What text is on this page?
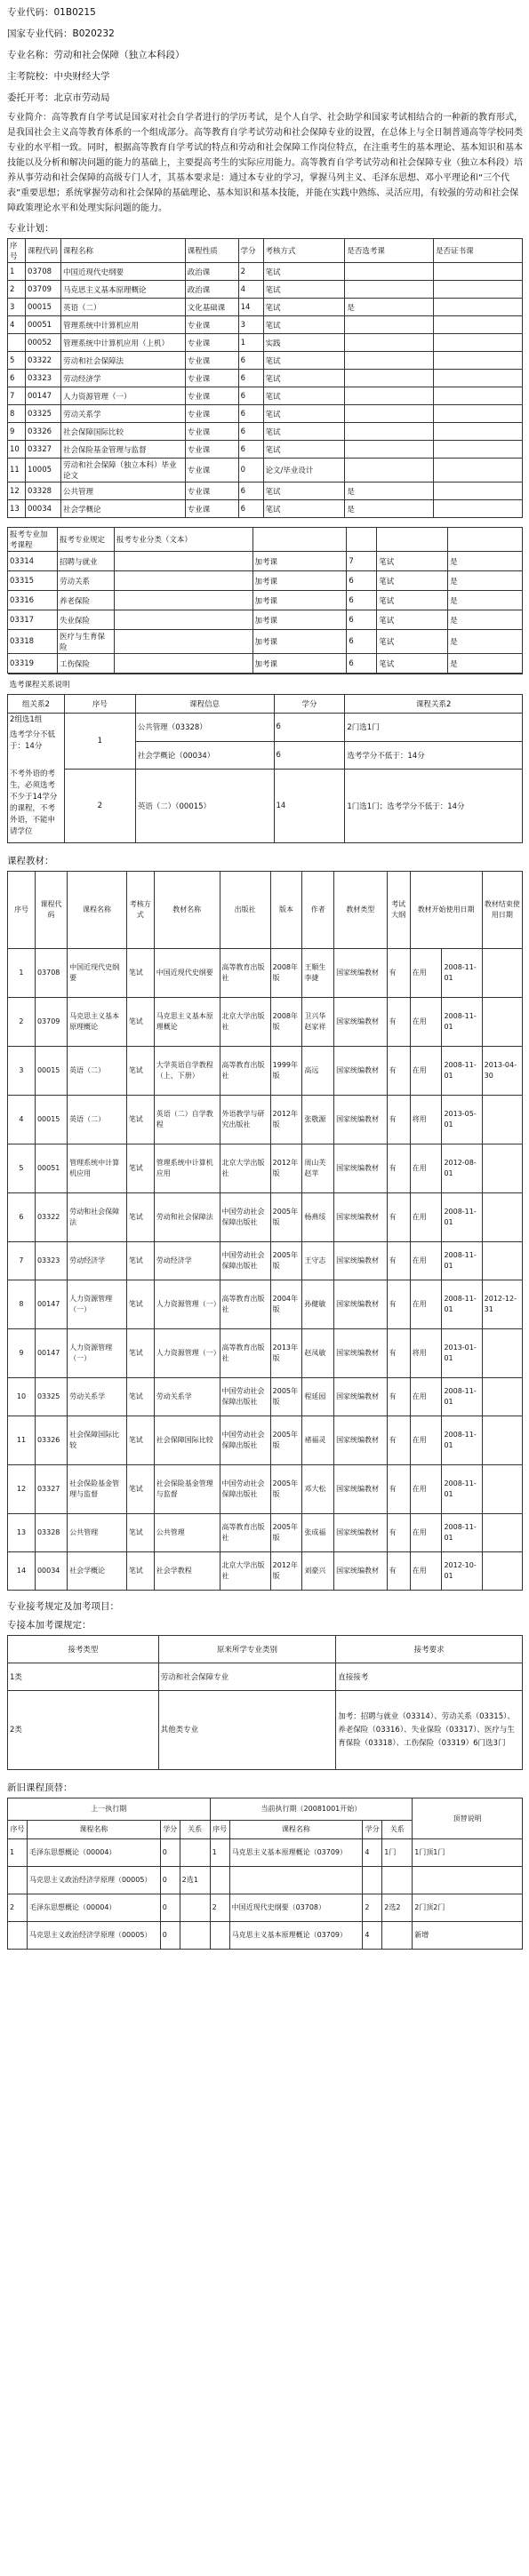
专业代码：01B0215

国家专业代码：B020232

专业名称：劳动和社会保障（独立本科段）

主考院校：中央财经大学

委托开考：北京市劳动局

专业简介：高等教育自学考试是国家对社会自学者进行的学历考试，是个人自学、社会助学和国家考试相结合的一种新的教育形式，是我国社会主义高等教育体系的一个组成部分。高等教育自学考试劳动和社会保障专业的设置，在总体上与全日制普通高等学校同类专业的水平相一致。同时，根据高等教育自学考试的特点和劳动和社会保障工作岗位特点，在注重考生的基本理论、基本知识和基本技能以及分析和解决问题的能力的基础上，主要提高考生的实际应用能力。高等教育自学考试劳动和社会保障专业（独立本科段）培养从事劳动和社会保障的高级专门人才，其基本要求是：通过本专业的学习，掌握马列主义、毛泽东思想、邓小平理论和“三个代表”重要思想；系统掌握劳动和社会保障的基础理论、基本知识和基本技能，并能在实践中熟练、灵活应用，有较强的劳动和社会保障政策理论水平和处理实际问题的能力。

专业计划：

序号	课程代码	课程名称	课程性质	学分	考核方式	是否选考课	是否证书课
1	03708	中国近现代史纲要	政治课	2	笔试		
2	03709	马克思主义基本原理概论	政治课	4	笔试		
3	00015	英语（二）	文化基础课	14	笔试	是	
4	00051	管理系统中计算机应用	专业课	3	笔试		
	00052	管理系统中计算机应用（上机）	专业课	1	实践		
5	03322	劳动和社会保障法	专业课	6	笔试		
6	03323	劳动经济学	专业课	6	笔试		
7	00147	人力资源管理（一）	专业课	6	笔试		
8	03325	劳动关系学	专业课	6	笔试		
9	03326	社会保障国际比较	专业课	6	笔试		
10	03327	社会保险基金管理与监督	专业课	6	笔试		
11	10005	劳动和社会保障（独立本科）毕业论文	专业课	0	论文/毕业设计		
12	03328	公共管理	专业课	6	笔试	是	
13	00034	社会学概论	专业课	6	笔试	是	
报考专业加考课程	报考专业规定	报考专业分类（文本）				
03314	招聘与就业		加考课	7	笔试	是
03315	劳动关系		加考课	6	笔试	是
03316	养老保险		加考课	6	笔试	是
03317	失业保险		加考课	6	笔试	是
03318	医疗与生育保险		加考课	6	笔试	是
03319	工伤保险		加考课	6	笔试	是
选考课程关系说明				
组关系2	序号	课程信息	学分	课程关系2

2组选1组
选考学分不低于：14分
不考外语的考生，必须选考不少于14学分的课程，不考外语，不能申请学位	1	公共管理（03328）	6	2门选1门
		社会学概论（00034）	6	选考学分不低于：14分
	2	英语（二）（00015）	14	1门选1门；选考学分不低于：14分

课程教材：

序号	课程代码	课程名称	考核方式	教材名称	出版社	版本	作者	教材类型	考试大纲	教材开始使用日期		教材结束使用日期
1	03708	中国近现代史纲要	笔试	中国近现代史纲要	高等教育出版社	2008年版	王顺生李捷	国家统编教材	有	在用	2008-11-01	
2	03709	马克思主义基本原理概论	笔试	马克思主义基本原理概论	北京大学出版社	2008年版	卫兴华赵家祥	国家统编教材	有	在用	2008-11-01	
3	00015	英语（二）	笔试	大学英语自学教程（上、下册）	高等教育出版社	1999年版	高远	国家统编教材	有	在用	2008-11-01	2013-04-30
4	00015	英语（二）	笔试	英语（二）自学教程	外语教学与研究出版社	2012年版	张敬源	国家统编教材	有	将用	2013-05-01	
5	00051	管理系统中计算机应用	笔试	管理系统中计算机应用	北京大学出版社	2012年版	周山芙赵苹	国家统编教材	有	在用	2012-08-01	
6	03322	劳动和社会保障法	笔试	劳动和社会保障法	中国劳动社会保障出版社	2005年版	杨燕绥	国家统编教材	有	在用	2008-11-01	
7	03323	劳动经济学	笔试	劳动经济学	中国劳动社会保障出版社	2005年版	王守志	国家统编教材	有	在用	2008-11-01	
8	00147	人力资源管理（一）	笔试	人力资源管理（一）	高等教育出版社	2004年版	孙健敏	国家统编教材	有	在用	2008-11-01	2012-12-31
9	00147	人力资源管理（一）	笔试	人力资源管理（一）	高等教育出版社	2013年版	赵凤敏	国家统编教材	有	将用	2013-01-01	
10	03325	劳动关系学	笔试	劳动关系学	中国劳动社会保障出版社	2005年版	程延园	国家统编教材	有	在用	2008-11-01	
11	03326	社会保障国际比较	笔试	社会保障国际比较	中国劳动社会保障出版社	2005年版	褚福灵	国家统编教材	有	在用	2008-11-01	
12	03327	社会保险基金管理与监督	笔试	社会保险基金管理与监督	中国劳动社会保障出版社	2005年版	邓大松	国家统编教材	有	在用	2008-11-01	
13	03328	公共管理	笔试	公共管理	高等教育出版社	2005年版	张成福	国家统编教材	有	在用	2008-11-01	
14	00034	社会学概论	笔试	社会学教程	北京大学出版社	2012年版	刘豪兴	国家统编教材	有	在用	2012-10-01	

专业接考规定及加考项目：

专接本加考课规定：

接考类型	原来所学专业类别	接考要求
1类	劳动和社会保障专业	直接接考
2类	其他类专业	加考：招聘与就业（03314）、劳动关系（03315）、养老保险（03316）、失业保险（03317）、医疗与生育保险（03318）、工伤保险（03319）6门选3门

新旧课程顶替：

上一执行期				当前执行期（20081001开始）				顶替说明
序号	课程名称	学分	关系	序号	课程名称	学分	关系	
1	毛泽东思想概论（00004）	0		1	马克思主义基本原理概论（03709）	4	1门	1门顶1门
	马克思主义政治经济学原理（00005）	0	2选1					
2	毛泽东思想概论（00004）	0		2	中国近现代史纲要（03708）	2	2选2	2门顶2门
	马克思主义政治经济学原理（00005）	0			马克思主义基本原理概论（03709）	4		新增
